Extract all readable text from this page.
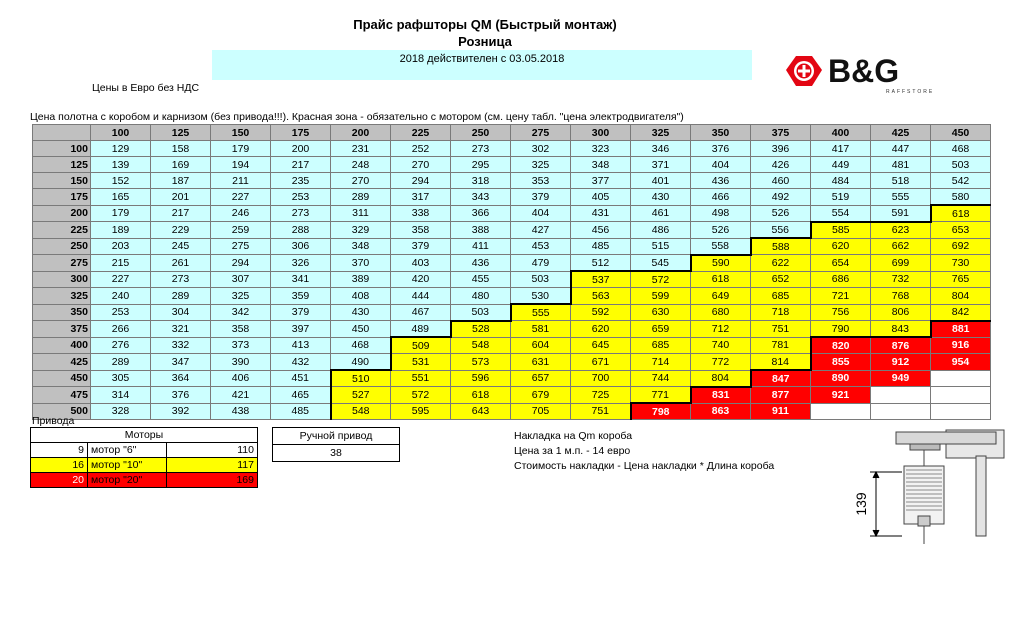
Прайс рафшторы QM (Быстрый монтаж)
Розница
2018 действителен с 03.05.2018
Цены в Евро без НДС	B&G
RAFFSTORE
Цена полотна с коробом и карнизом (без привода!!!). Красная зона - обязательно с мотором (см. цену табл. "цена электродвигателя")
	100	125	150	175	200	225	250	275	300	325	350	375	400	425	450
100	129	158	179	200	231	252	273	302	323	346	376	396	417	447	468
125	139	169	194	217	248	270	295	325	348	371	404	426	449	481	503
150	152	187	211	235	270	294	318	353	377	401	436	460	484	518	542
175	165	201	227	253	289	317	343	379	405	430	466	492	519	555	580
200	179	217	246	273	311	338	366	404	431	461	498	526	554	591	618
225	189	229	259	288	329	358	388	427	456	486	526	556	585	623	653
250	203	245	275	306	348	379	411	453	485	515	558	588	620	662	692
275	215	261	294	326	370	403	436	479	512	545	590	622	654	699	730
300	227	273	307	341	389	420	455	503	537	572	618	652	686	732	765
325	240	289	325	359	408	444	480	530	563	599	649	685	721	768	804
350	253	304	342	379	430	467	503	555	592	630	680	718	756	806	842
375	266	321	358	397	450	489	528	581	620	659	712	751	790	843	881
400	276	332	373	413	468	509	548	604	645	685	740	781	820	876	916
425	289	347	390	432	490	531	573	631	671	714	772	814	855	912	954
450	305	364	406	451	510	551	596	657	700	744	804	847	890	949	
475	314	376	421	465	527	572	618	679	725	771	831	877	921		
500	328	392	438	485	548	595	643	705	751	798	863	911			
Привода
Моторы		
9	мотор "6"	110
16	мотор "10"	117
20	мотор "20"	169
Ручной привод
38
Накладка на Qm короба
Цена за 1 м.п. - 14 евро
Стоимость накладки - Цена накладки * Длина короба
139
